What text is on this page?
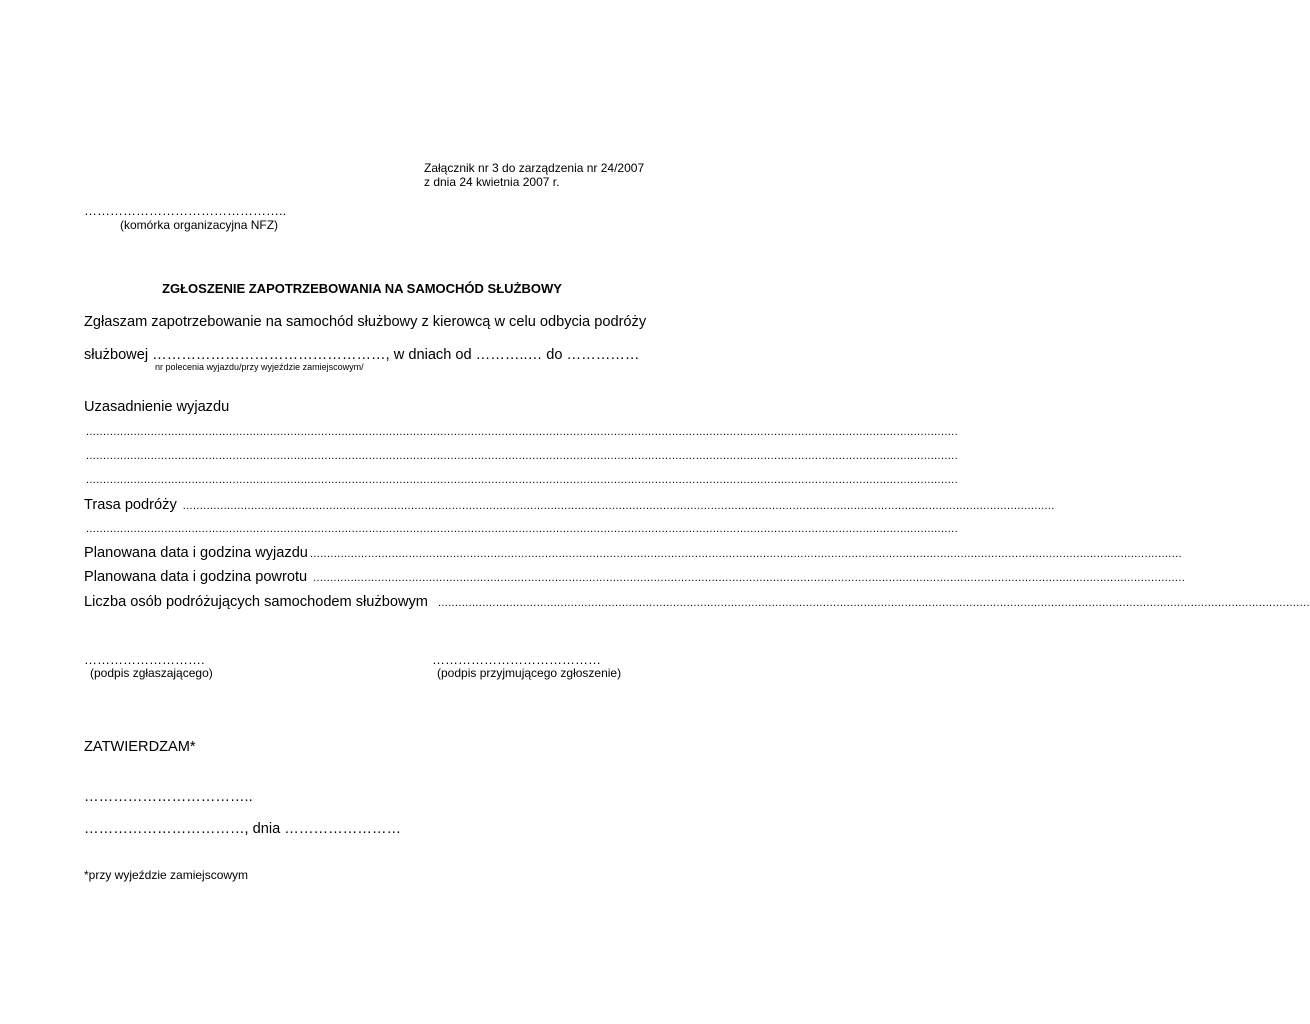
Załącznik nr 3 do zarządzenia nr 24/2007
z dnia 24 kwietnia 2007 r.
………………………………………..
(komórka organizacyjna NFZ)
ZGŁOSZENIE ZAPOTRZEBOWANIA NA SAMOCHÓD SŁUŻBOWY
Zgłaszam zapotrzebowanie na samochód służbowy z kierowcą w celu odbycia podróży
służbowej …………………………………………, w dniach od ………..… do ……………
nr polecenia wyjazdu/przy wyjeździe zamiejscowym/
Uzasadnienie wyjazdu
................................................................................................................................................................................................................................................................
................................................................................................................................................................................................................................................................
................................................................................................................................................................................................................................................................
Trasa podróży ................................................................................................................................................................................................................................................................
................................................................................................................................................................................................................................................................
Planowana data i godzina wyjazdu ................................................................................................................................................................................................................................................................
Planowana data i godzina powrotu ................................................................................................................................................................................................................................................................
Liczba osób podróżujących samochodem służbowym ................................................................................................................................................................................................................................................................
……………………….
(podpis zgłaszającego)
…………………………………
(podpis przyjmującego zgłoszenie)
ZATWIERDZAM*
……………………………..
……………………………, dnia ……………………
*przy wyjeździe zamiejscowym
